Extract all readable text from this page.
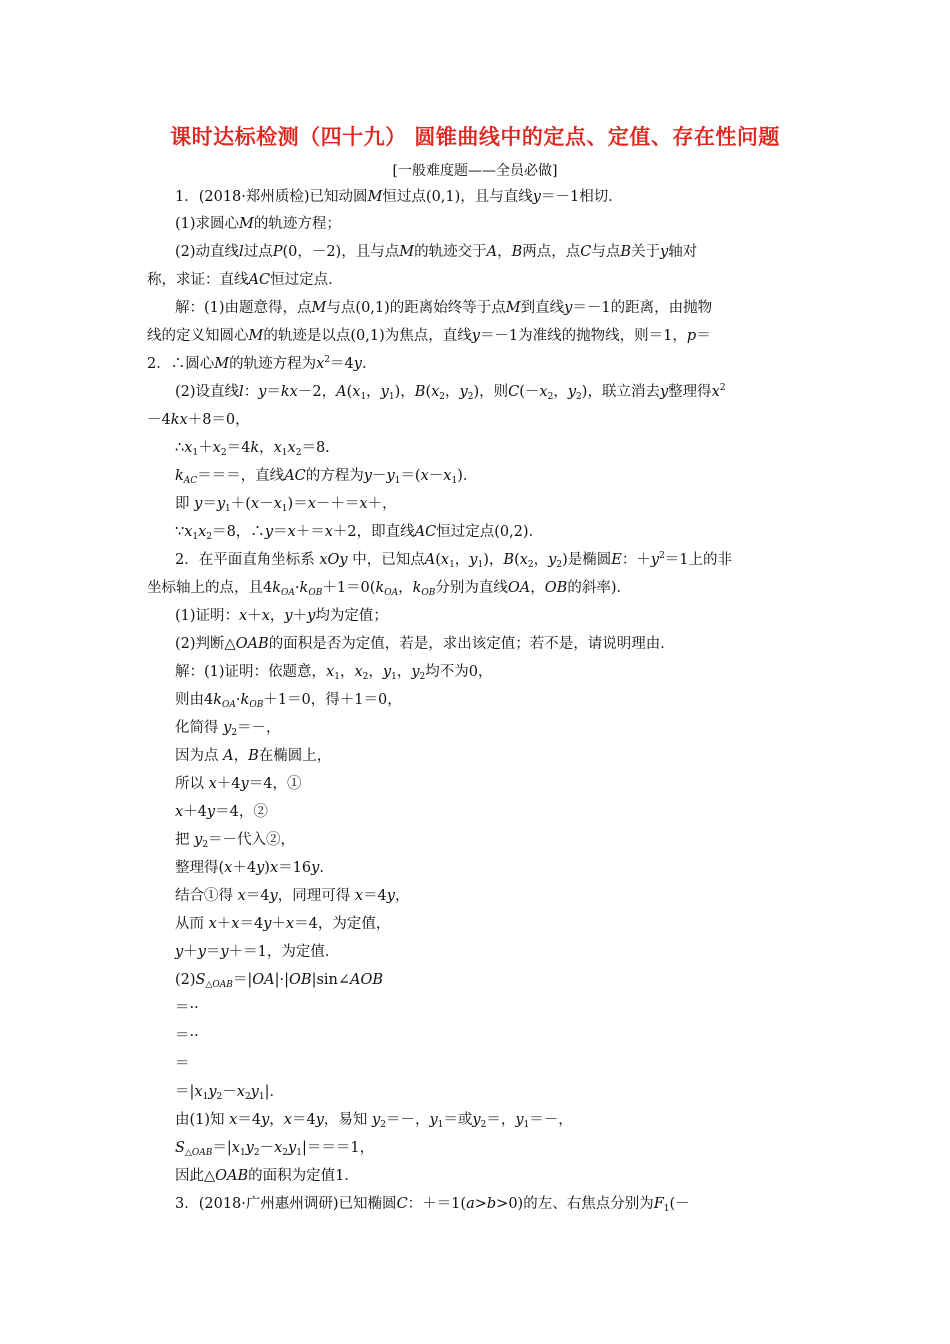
课时达标检测（四十九） 圆锥曲线中的定点、定值、存在性问题
[一般难度题——全员必做]
1．(2018·郑州质检)已知动圆M恒过点(0,1)，且与直线y＝－1相切．
(1)求圆心M的轨迹方程；
(2)动直线l过点P(0，－2)，且与点M的轨迹交于A，B两点，点C与点B关于y轴对
称，求证：直线AC恒过定点．
解：(1)由题意得，点M与点(0,1)的距离始终等于点M到直线y＝－1的距离，由抛物
线的定义知圆心M的轨迹是以点(0,1)为焦点，直线y＝－1为准线的抛物线，则＝1，p＝
2．∴圆心M的轨迹方程为$x^2=4y$.
(2)设直线l：y＝kx－2，$A(x_1$，$y_1$)，$B(x_2$，$y_2$)，则$C(-x_2$，$y_2$)，联立消去y整理得$x^2$
－4kx＋8＝0，
$\therefore x_1+x_2=4k$，$x_1x_2=8$.
$k_{AC}===$，直线AC的方程为$y-y_1=(x-x_1)$．
即 $y=y_1+(x-x_1)=x-+=x+$，
$\because x_1x_2=8$，∴y＝x＋＝x＋2，即直线AC恒过定点(0,2)．
2．在平面直角坐标系 xOy 中，已知点$A(x_1$，$y_1$)，$B(x_2$，$y_2$)是椭圆E：$+y^2=1$上的非
坐标轴上的点，且$4k_{OA}\cdot k_{OB}+1=0(k_{OA}$，$k_{OB}$分别为直线OA，OB的斜率)．
(1)证明：x＋x，y＋y均为定值；
(2)判断△OAB的面积是否为定值，若是，求出该定值；若不是，请说明理由．
解：(1)证明：依题意，$x_1$，$x_2$，$y_1$，$y_2$均不为0，
则由$4k_{OA}\cdot k_{OB}+1=0$，得＋1＝0，
化简得 $y_2=-$，
因为点 A，B在椭圆上，
所以 x＋4y＝4，①
x＋4y＝4，②
把 $y_2=-$代入②，
整理得(x＋4y)x＝16y.
结合①得 x＝4y，同理可得 x＝4y，
从而 x＋x＝4y＋x＝4，为定值，
y＋y＝y＋＝1，为定值．
$(2)S_{\triangle OAB}=|OA|\cdot|OB|\sin\angle AOB$
＝··
＝··
＝
$=|x_1y_2-x_2y_1|$．
由(1)知 x＝4y，x＝4y，易知 $y_2=-$，$y_1=$或$y_2=$，$y_1=-$，
$S_{\triangle OAB}=|x_1y_2-x_2y_1|===1$，
因此△OAB的面积为定值1．
3．(2018·广州惠州调研)已知椭圆C：＋＝1(a>b>0)的左、右焦点分别为$F_1(-$
